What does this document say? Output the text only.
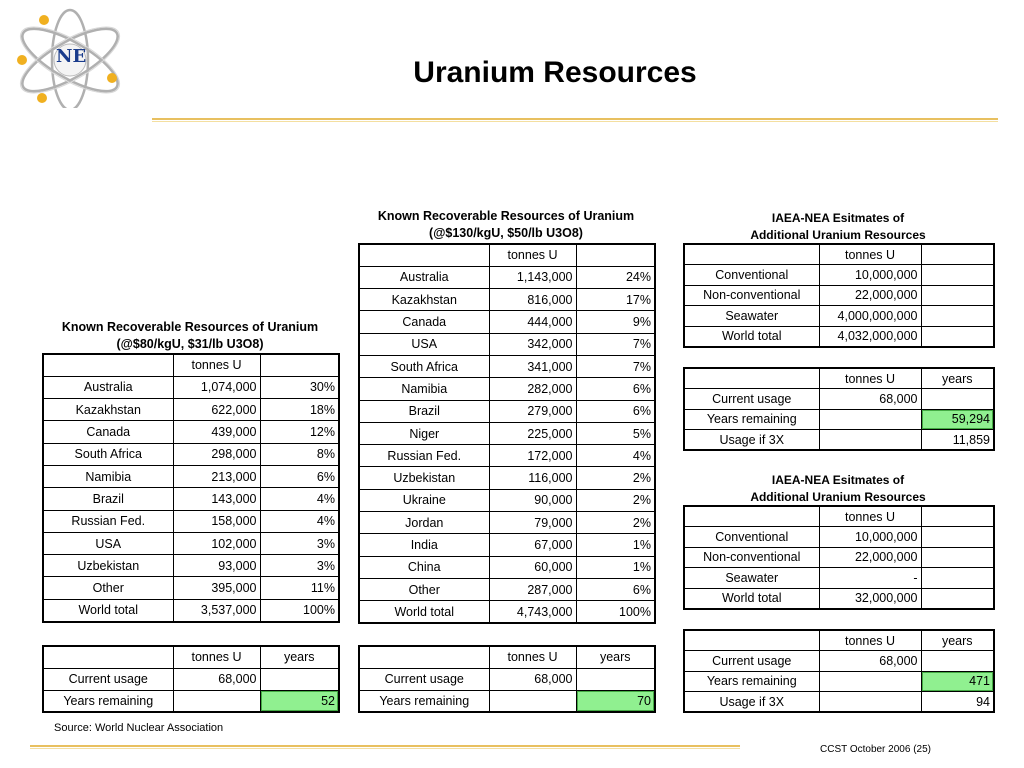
NE	Uranium Resources
Known Recoverable Resources of Uranium
(@$80/kgU, $31/lb U3O8)
	tonnes U	
Australia	1,074,000	30%
Kazakhstan	622,000	18%
Canada	439,000	12%
South Africa	298,000	8%
Namibia	213,000	6%
Brazil	143,000	4%
Russian Fed.	158,000	4%
USA	102,000	3%
Uzbekistan	93,000	3%
Other	395,000	11%
World total	3,537,000	100%
	tonnes U	years
Current usage	68,000	
Years remaining		52
Known Recoverable Resources of Uranium
(@$130/kgU, $50/lb U3O8)
	tonnes U	
Australia	1,143,000	24%
Kazakhstan	816,000	17%
Canada	444,000	9%
USA	342,000	7%
South Africa	341,000	7%
Namibia	282,000	6%
Brazil	279,000	6%
Niger	225,000	5%
Russian Fed.	172,000	4%
Uzbekistan	116,000	2%
Ukraine	90,000	2%
Jordan	79,000	2%
India	67,000	1%
China	60,000	1%
Other	287,000	6%
World total	4,743,000	100%
	tonnes U	years
Current usage	68,000	
Years remaining		70
IAEA-NEA Esitmates of
Additional Uranium Resources
	tonnes U	
Conventional	10,000,000	
Non-conventional	22,000,000	
Seawater	4,000,000,000	
World total	4,032,000,000	
	tonnes U	years
Current usage	68,000	
Years remaining		59,294
Usage if 3X		11,859
IAEA-NEA Esitmates of
Additional Uranium Resources
	tonnes U	
Conventional	10,000,000	
Non-conventional	22,000,000	
Seawater	-	
World total	32,000,000	
	tonnes U	years
Current usage	68,000	
Years remaining		471
Usage if 3X		94
Source: World Nuclear Association
CCST October 2006 (25)
